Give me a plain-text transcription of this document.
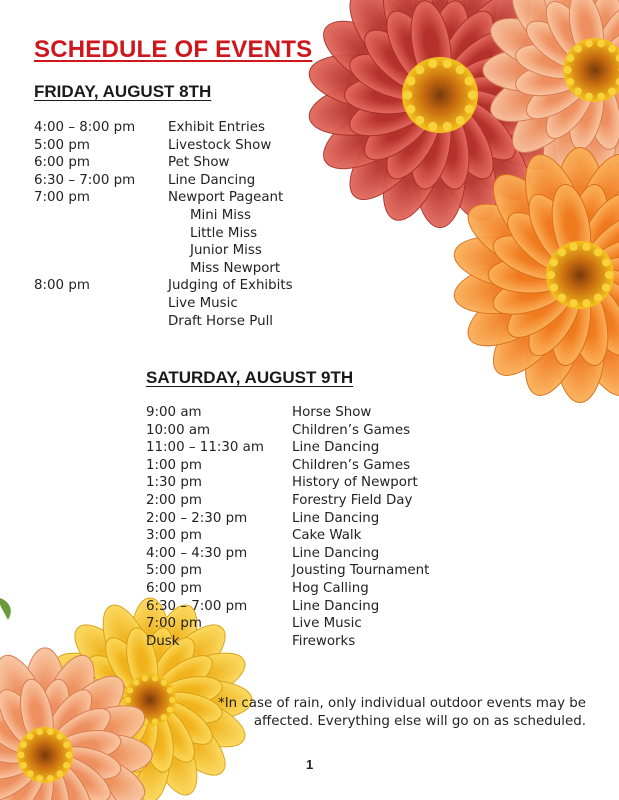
SCHEDULE OF EVENTS
FRIDAY, AUGUST 8TH
4:00 – 8:00 pm Exhibit Entries
5:00 pm	Livestock Show
6:00 pm	Pet Show
6:30 – 7:00 pm Line Dancing
7:00 pm	Newport Pageant
Mini Miss
Little Miss
Junior Miss
Miss Newport
8:00 pm	Judging of Exhibits
Live Music
Draft Horse Pull
SATURDAY, AUGUST 9TH
9:00 am	Horse Show
10:00 am	Children’s Games
11:00 – 11:30 am Line Dancing
1:00 pm	Children’s Games
1:30 pm	History of Newport
2:00 pm	Forestry Field Day
2:00 – 2:30 pm	Line Dancing
3:00 pm	Cake Walk
4:00 – 4:30 pm	Line Dancing
5:00 pm	Jousting Tournament
6:00 pm	Hog Calling
6:30 – 7:00 pm	Line Dancing
7:00 pm	Live Music
Dusk	Fireworks

*In case of rain, only individual outdoor events may be
affected. Everything else will go on as scheduled.

1
